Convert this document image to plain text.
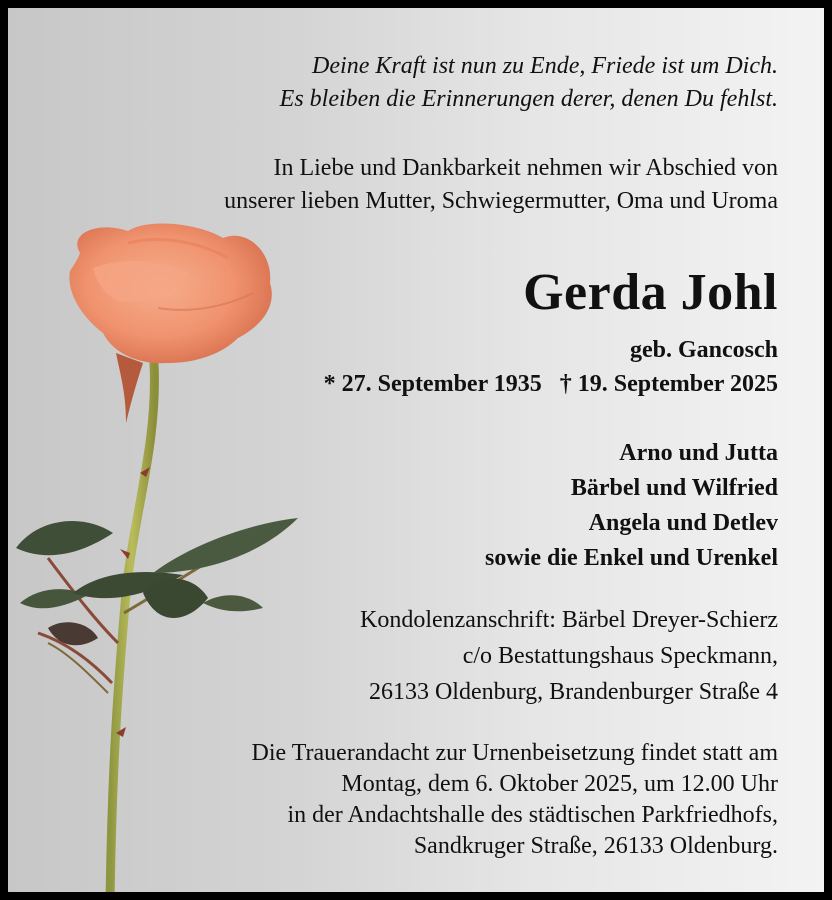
Deine Kraft ist nun zu Ende, Friede ist um Dich.
Es bleiben die Erinnerungen derer, denen Du fehlst.
In Liebe und Dankbarkeit nehmen wir Abschied von
unserer lieben Mutter, Schwiegermutter, Oma und Uroma
Gerda Johl
geb. Gancosch
* 27. September 1935   † 19. September 2025
Arno und Jutta
Bärbel und Wilfried
Angela und Detlev
sowie die Enkel und Urenkel
Kondolenzanschrift: Bärbel Dreyer-Schierz
c/o Bestattungshaus Speckmann,
26133 Oldenburg, Brandenburger Straße 4
Die Trauerandacht zur Urnenbeisetzung findet statt am
Montag, dem 6. Oktober 2025, um 12.00 Uhr
in der Andachtshalle des städtischen Parkfriedhofs,
Sandkruger Straße, 26133 Oldenburg.
